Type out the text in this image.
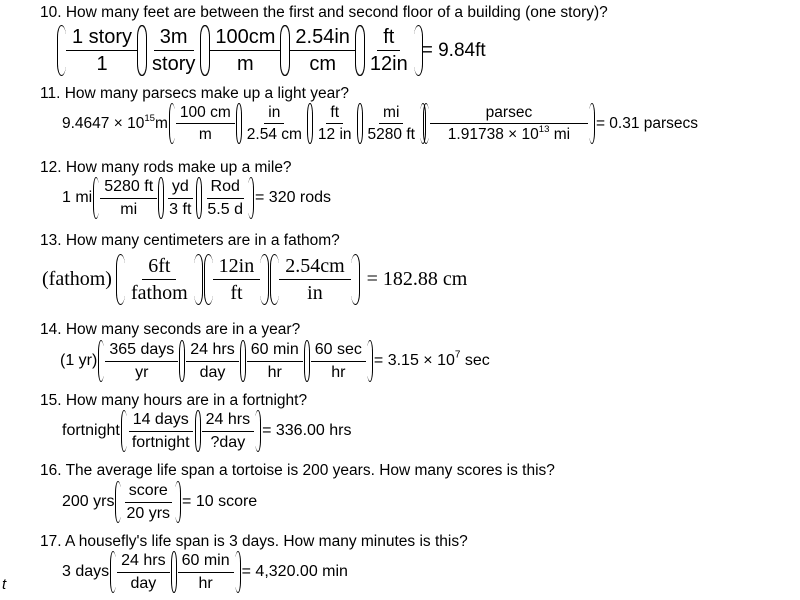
10. How many feet are between the first and second floor of a building (one story)?

$\frac{\text{1 story}}{1} \frac{3m}{\text{story}} \frac{100cm}{m} \frac{2.54in}{cm} \frac{ft}{12in} = 9.84ft$

11. How many parsecs make up a light year?

$9.4647 \times 10^{15}m \frac{100 cm}{m} \frac{in}{2.54 cm} \frac{ft}{12 in} \frac{mi}{5280 ft} \frac{\text{parsec}}{1.91738 \times 10^{13} mi} = 0.31$ parsecs

12. How many rods make up a mile?

1 mi $\frac{5280 ft}{mi} \frac{yd}{3 ft} \frac{\text{Rod}}{5.5 d} = 320$ rods

13. How many centimeters are in a fathom?

(fathom) $\frac{6ft}{\text{fathom}} \frac{12in}{ft} \frac{2.54cm}{in} = 182.88$ cm

14. How many seconds are in a year?

(1 $yr) \frac{\text{365 days}}{yr} \frac{\text{24 hrs}}{\text{day}} \frac{60 \min}{hr} \frac{60 \sec}{hr} = 3.15 \times 10^7$ sec

15. How many hours are in a fortnight?

fortnight $\frac{\text{14 days}}{\text{fortnight}} \frac{\text{24 hrs}}{\text{?day}} = 336.00$ hrs

16. The average life span a tortoise is 200 years. How many scores is this?

200 yrs $\frac{\text{score}}{\text{20 yrs}} = 10$ score

17. A housefly's life span is 3 days. How many minutes is this?

3 days $\frac{\text{24 hrs}}{\text{day}} \frac{60 \min}{hr} = 4,320.00$ min
t
